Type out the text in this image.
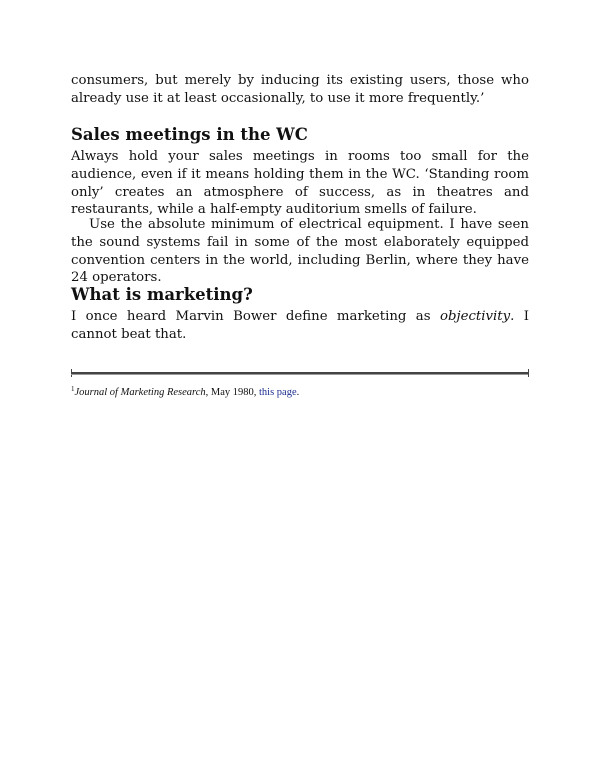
consumers, but merely by inducing its existing users, those who already use it at least occasionally, to use it more frequently.’

Sales meetings in the WC

Always hold your sales meetings in rooms too small for the audience, even if it means holding them in the WC. ‘Standing room only’ creates an atmosphere of success, as in theatres and restaurants, while a half-empty auditorium smells of failure.

Use the absolute minimum of electrical equipment. I have seen the sound systems fail in some of the most elaborately equipped convention centers in the world, including Berlin, where they have 24 operators.

What is marketing?

I once heard Marvin Bower define marketing as objectivity. I cannot beat that.

$^1$Journal of Marketing Research, May 1980, this page.
